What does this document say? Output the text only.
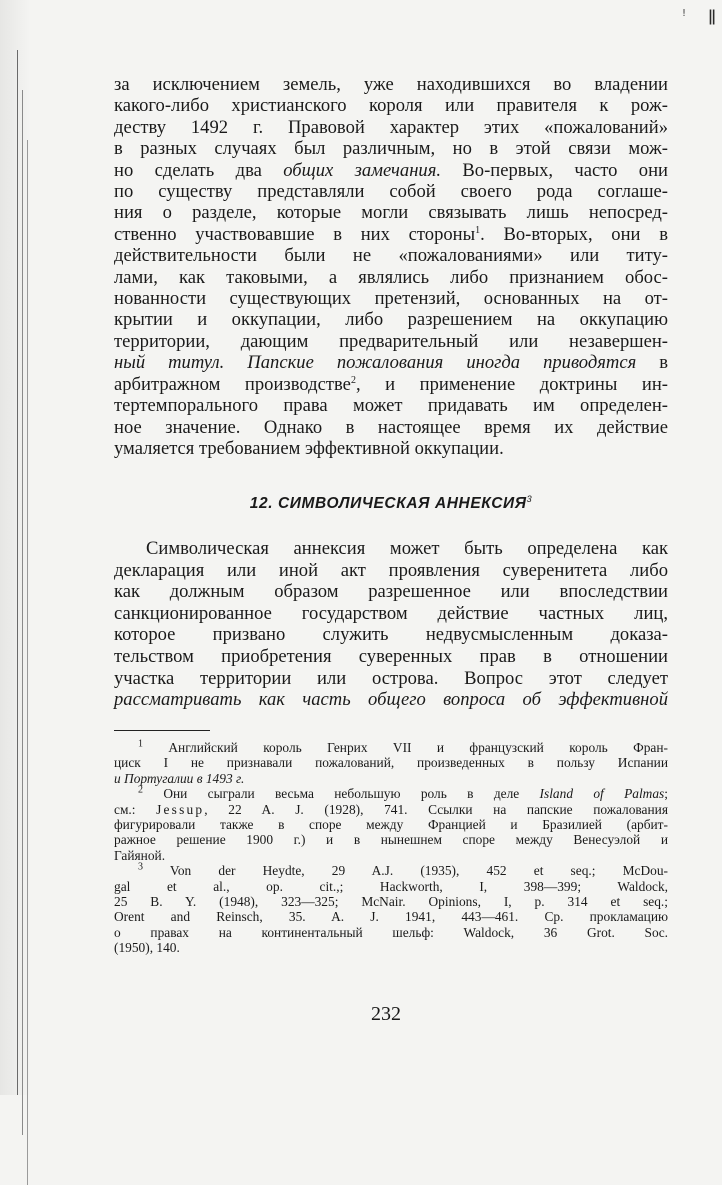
ǁ
!

за исключением земель, уже находившихся во владении
какого-либо христианского короля или правителя к рож-
деству 1492 г. Правовой характер этих «пожалований»
в разных случаях был различным, но в этой связи мож-
но сделать два общих замечания. Во-первых, часто они
по существу представляли собой своего рода соглаше-
ния о разделе, которые могли связывать лишь непосред-
ственно участвовавшие в них стороны$^1$. Во-вторых, они в
действительности были не «пожалованиями» или титу-
лами, как таковыми, а являлись либо признанием обос-
нованности существующих претензий, основанных на от-
крытии и оккупации, либо разрешением на оккупацию
территории, дающим предварительный или незавершен-
ный титул. Папские пожалования иногда приводятся в
арбитражном производстве$^2$, и применение доктрины ин-
тертемпорального права может придавать им определен-
ное значение. Однако в настоящее время их действие
умаляется требованием эффективной оккупации.

12. СИМВОЛИЧЕСКАЯ АННЕКСИЯ$^3$

Символическая аннексия может быть определена как
декларация или иной акт проявления суверенитета либо
как должным образом разрешенное или впоследствии
санкционированное государством действие частных лиц,
которое призвано служить недвусмысленным доказа-
тельством приобретения суверенных прав в отношении
участка территории или острова. Вопрос этот следует
рассматривать как часть общего вопроса об эффективной

$^1$ Английский король Генрих VII и французский король Фран-
циск I не признавали пожалований, произведенных в пользу Испании
и Португалии в 1493 г.
$^2$ Они сыграли весьма небольшую роль в деле Island of Palmas;
см.: Jessup, 22 A. J. (1928), 741. Ссылки на папские пожалования
фигурировали также в споре между Францией и Бразилией (арбит-
ражное решение 1900 г.) и в нынешнем споре между Венесуэлой и
Гайяной.
$^3$ Von der Heydte, 29 A.J. (1935), 452 et seq.; McDou-
gal et al., op. cit.,; Hackworth, I, 398—399; Waldock,
25 B. Y. (1948), 323—325; McNair. Opinions, I, p. 314 et seq.;
Orent and Reinsch, 35. A. J. 1941, 443—461. Ср. прокламацию
о правах на континентальный шельф: Waldock, 36 Grot. Soc.
(1950), 140.

232
